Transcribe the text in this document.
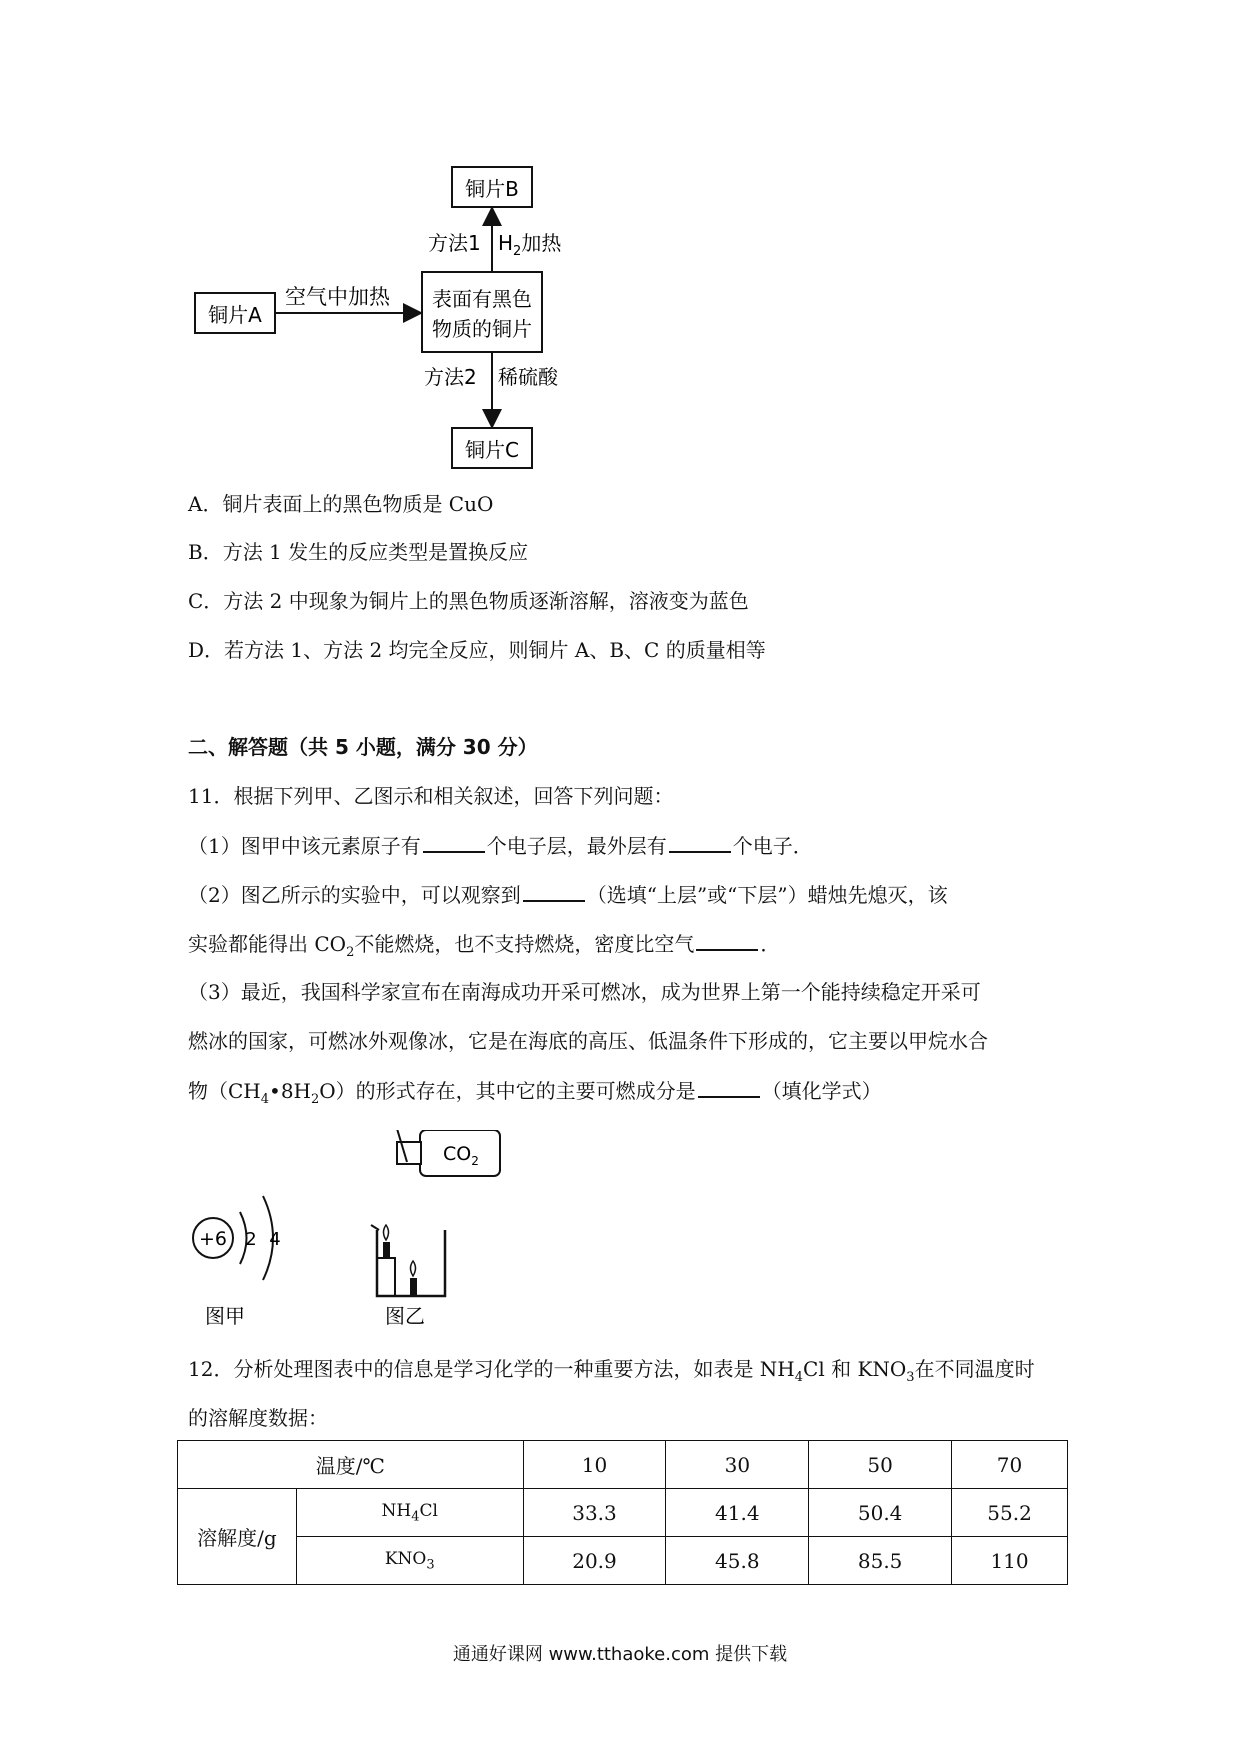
铜片B
铜片A
表面有黑色
物质的铜片
铜片C
空气中加热
方法1 $H_2$加热
方法2 稀硫酸
A．铜片表面上的黑色物质是 CuO
B．方法 1 发生的反应类型是置换反应
C．方法 2 中现象为铜片上的黑色物质逐渐溶解，溶液变为蓝色
D．若方法 1、方法 2 均完全反应，则铜片 A、B、C 的质量相等
二、解答题（共 5 小题，满分 30 分）
11．根据下列甲、乙图示和相关叙述，回答下列问题：
（1）图甲中该元素原子有	个电子层，最外层有	个电子．
（2）图乙所示的实验中，可以观察到	（选填“上层”或“下层”）蜡烛先熄灭，该
实验都能得出 $CO_2$不能燃烧，也不支持燃烧，密度比空气	．
（3）最近，我国科学家宣布在南海成功开采可燃冰，成为世界上第一个能持续稳定开采可
燃冰的国家，可燃冰外观像冰，它是在海底的高压、低温条件下形成的，它主要以甲烷水合
物$(CH_4•8H_2O)$的形式存在，其中它的主要可燃成分是	（填化学式）
+6 2 4
图甲
$CO_2$
图乙
12．分析处理图表中的信息是学习化学的一种重要方法，如表是 $NH_4Cl$ 和 $KNO_3$在不同温度时
的溶解度数据：
温度/℃		10	30	50	70
溶解度/g	$NH_4Cl$	33.3	41.4	50.4	55.2
	$KNO_3$	20.9	45.8	85.5	110
通通好课网 www.tthaoke.com 提供下载
